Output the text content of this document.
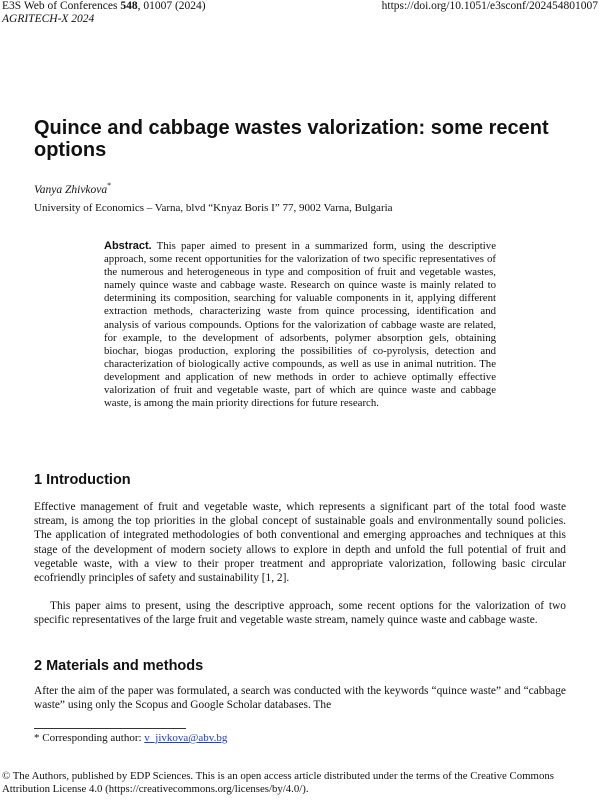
E3S Web of Conferences 548, 01007 (2024)	https://doi.org/10.1051/e3sconf/202454801007
AGRITECH-X 2024
Quince and cabbage wastes valorization: some recent options
Vanya Zhivkova*
University of Economics – Varna, blvd “Knyaz Boris I” 77, 9002 Varna, Bulgaria

Abstract. This paper aimed to present in a summarized form, using the descriptive approach, some recent opportunities for the valorization of two specific representatives of the numerous and heterogeneous in type and composition of fruit and vegetable wastes, namely quince waste and cabbage waste. Research on quince waste is mainly related to determining its composition, searching for valuable components in it, applying different extraction methods, characterizing waste from quince processing, identification and analysis of various compounds. Options for the valorization of cabbage waste are related, for example, to the development of adsorbents, polymer absorption gels, obtaining biochar, biogas production, exploring the possibilities of co-pyrolysis, detection and characterization of biologically active compounds, as well as use in animal nutrition. The development and application of new methods in order to achieve optimally effective valorization of fruit and vegetable waste, part of which are quince waste and cabbage waste, is among the main priority directions for future research.

1 Introduction

Effective management of fruit and vegetable waste, which represents a significant part of the total food waste stream, is among the top priorities in the global concept of sustainable goals and environmentally sound policies. The application of integrated methodologies of both conventional and emerging approaches and techniques at this stage of the development of modern society allows to explore in depth and unfold the full potential of fruit and vegetable waste, with a view to their proper treatment and appropriate valorization, following basic circular ecofriendly principles of safety and sustainability [1, 2].

This paper aims to present, using the descriptive approach, some recent options for the valorization of two specific representatives of the large fruit and vegetable waste stream, namely quince waste and cabbage waste.

2 Materials and methods

After the aim of the paper was formulated, a search was conducted with the keywords “quince waste” and “cabbage waste” using only the Scopus and Google Scholar databases. The

* Corresponding author: v_jivkova@abv.bg

© The Authors, published by EDP Sciences. This is an open access article distributed under the terms of the Creative Commons Attribution License 4.0 (https://creativecommons.org/licenses/by/4.0/).
